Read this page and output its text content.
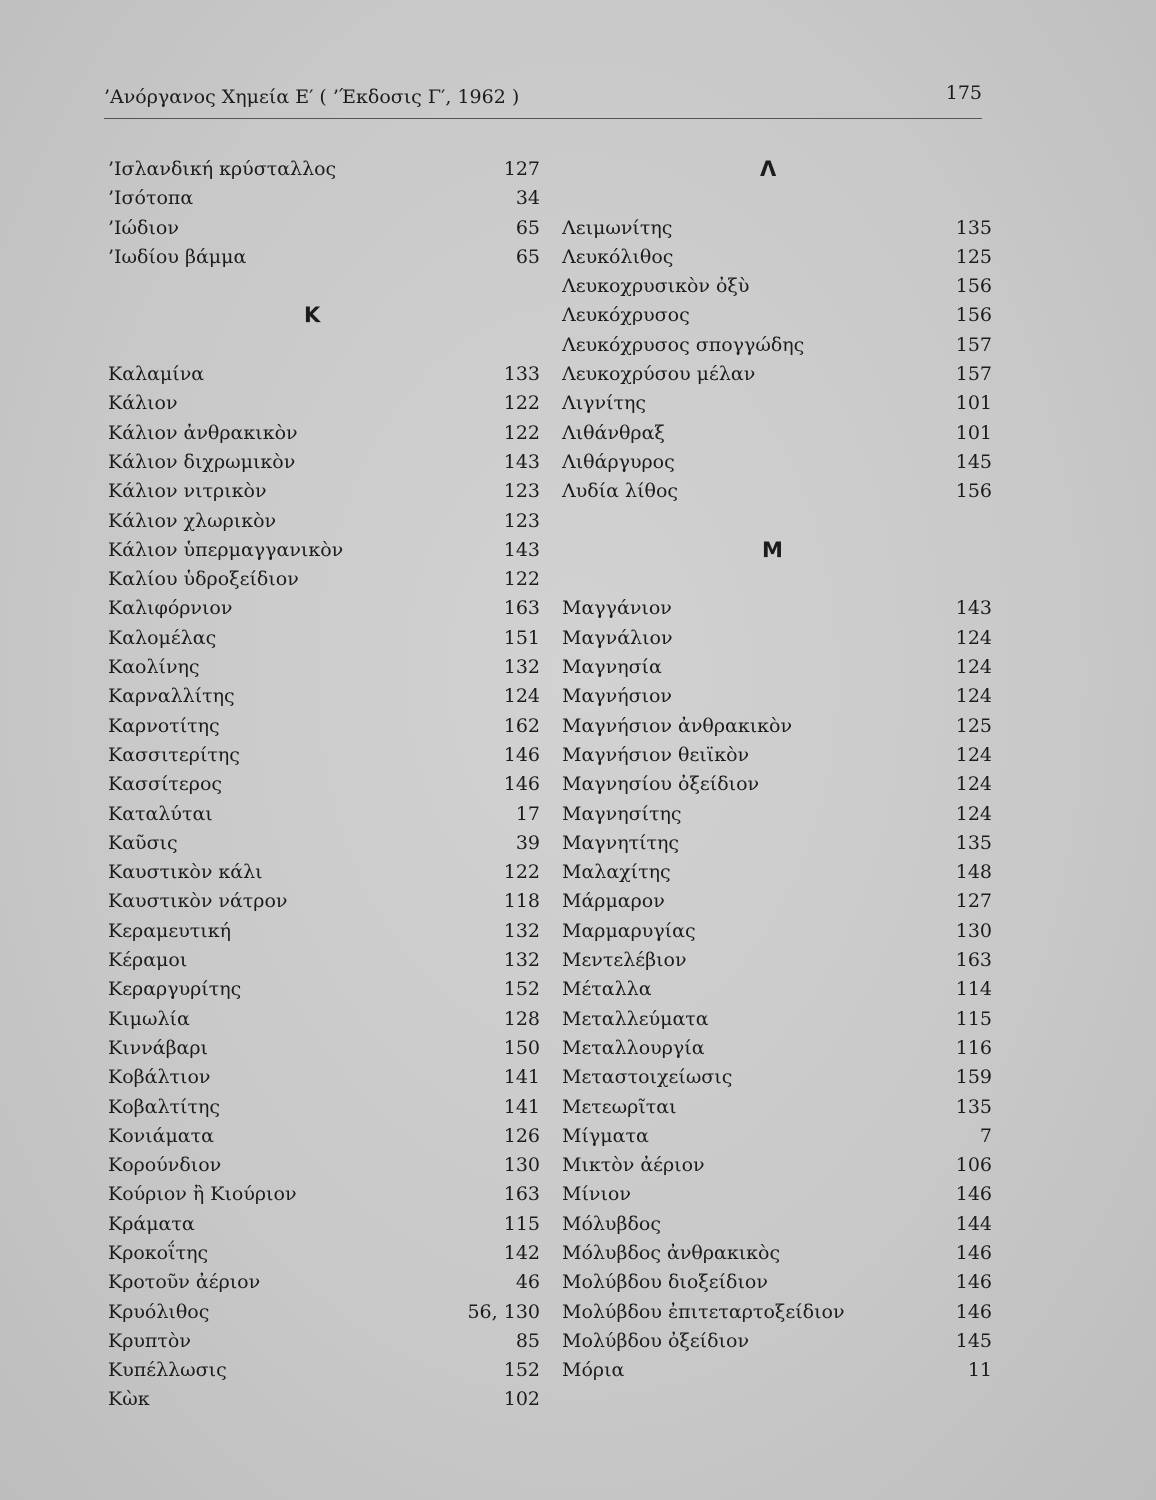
’Ανόργανος Χημεία Ε′ ( ’Έκδοσις Γ′, 1962 )	175
’Ισλανδική κρύσταλλος	127
’Ισότοπα	34
’Ιώδιον	65
’Ιωδίου βάμμα	65
Κ
Καλαμίνα	133
Κάλιον	122
Κάλιον ἀνθρακικὸν	122
Κάλιον διχρωμικὸν	143
Κάλιον νιτρικὸν	123
Κάλιον χλωρικὸν	123
Κάλιον ὑπερμαγγανικὸν	143
Καλίου ὑδροξείδιον	122
Καλιφόρνιον	163
Καλομέλας	151
Καολίνης	132
Καρναλλίτης	124
Καρνοτίτης	162
Κασσιτερίτης	146
Κασσίτερος	146
Καταλύται	17
Καῦσις	39
Καυστικὸν κάλι	122
Καυστικὸν νάτρον	118
Κεραμευτική	132
Κέραμοι	132
Κεραργυρίτης	152
Κιμωλία	128
Κιννάβαρι	150
Κοβάλτιον	141
Κοβαλτίτης	141
Κονιάματα	126
Κορούνδιον	130
Κούριον ἢ Κιούριον	163
Κράματα	115
Κροκοΐτης	142
Κροτοῦν ἀέριον	46
Κρυόλιθος	56, 130
Κρυπτὸν	85
Κυπέλλωσις	152
Κὼκ	102
Λ
Λειμωνίτης	135
Λευκόλιθος	125
Λευκοχρυσικὸν ὀξὺ	156
Λευκόχρυσος	156
Λευκόχρυσος σπογγώδης	157
Λευκοχρύσου μέλαν	157
Λιγνίτης	101
Λιθάνθραξ	101
Λιθάργυρος	145
Λυδία λίθος	156
Μ
Μαγγάνιον	143
Μαγνάλιον	124
Μαγνησία	124
Μαγνήσιον	124
Μαγνήσιον ἀνθρακικὸν	125
Μαγνήσιον θειϊκὸν	124
Μαγνησίου ὀξείδιον	124
Μαγνησίτης	124
Μαγνητίτης	135
Μαλαχίτης	148
Μάρμαρον	127
Μαρμαρυγίας	130
Μεντελέβιον	163
Μέταλλα	114
Μεταλλεύματα	115
Μεταλλουργία	116
Μεταστοιχείωσις	159
Μετεωρῖται	135
Μίγματα	7
Μικτὸν ἀέριον	106
Μίνιον	146
Μόλυβδος	144
Μόλυβδος ἀνθρακικὸς	146
Μολύβδου διοξείδιον	146
Μολύβδου ἐπιτεταρτοξείδιον	146
Μολύβδου ὀξείδιον	145
Μόρια	11
